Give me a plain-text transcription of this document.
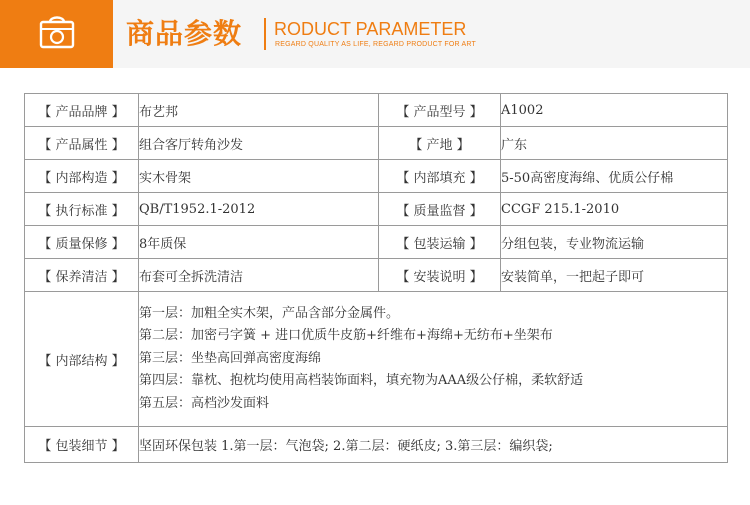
商品参数 RODUCT PARAMETER
REGARD QUALITY AS LIFE, REGARD PRODUCT FOR ART
【 产品品牌 】	布艺邦	【 产品型号 】	A1002
【 产品属性 】	组合客厅转角沙发	【 产地 】	广东
【 内部构造 】	实木骨架	【 内部填充 】	5-50高密度海绵、优质公仔棉
【 执行标准 】	QB/T1952.1-2012	【 质量监督 】	CCGF 215.1-2010
【 质量保修 】	8年质保	【 包装运输 】	分组包装，专业物流运输
【 保养清洁 】	布套可全拆洗清洁	【 安装说明 】	安装简单，一把起子即可
【 内部结构 】	第一层：加粗全实木架，产品含部分金属件。
第二层：加密弓字簧 + 进口优质牛皮筋+纤维布+海绵+无纺布+坐架布
第三层：坐垫高回弹高密度海绵
第四层：靠枕、抱枕均使用高档装饰面料，填充物为AAA级公仔棉，柔软舒适
第五层：高档沙发面料		

【 包装细节 】	坚固环保包装 1.第一层：气泡袋; 2.第二层：硬纸皮; 3.第三层：编织袋;		
